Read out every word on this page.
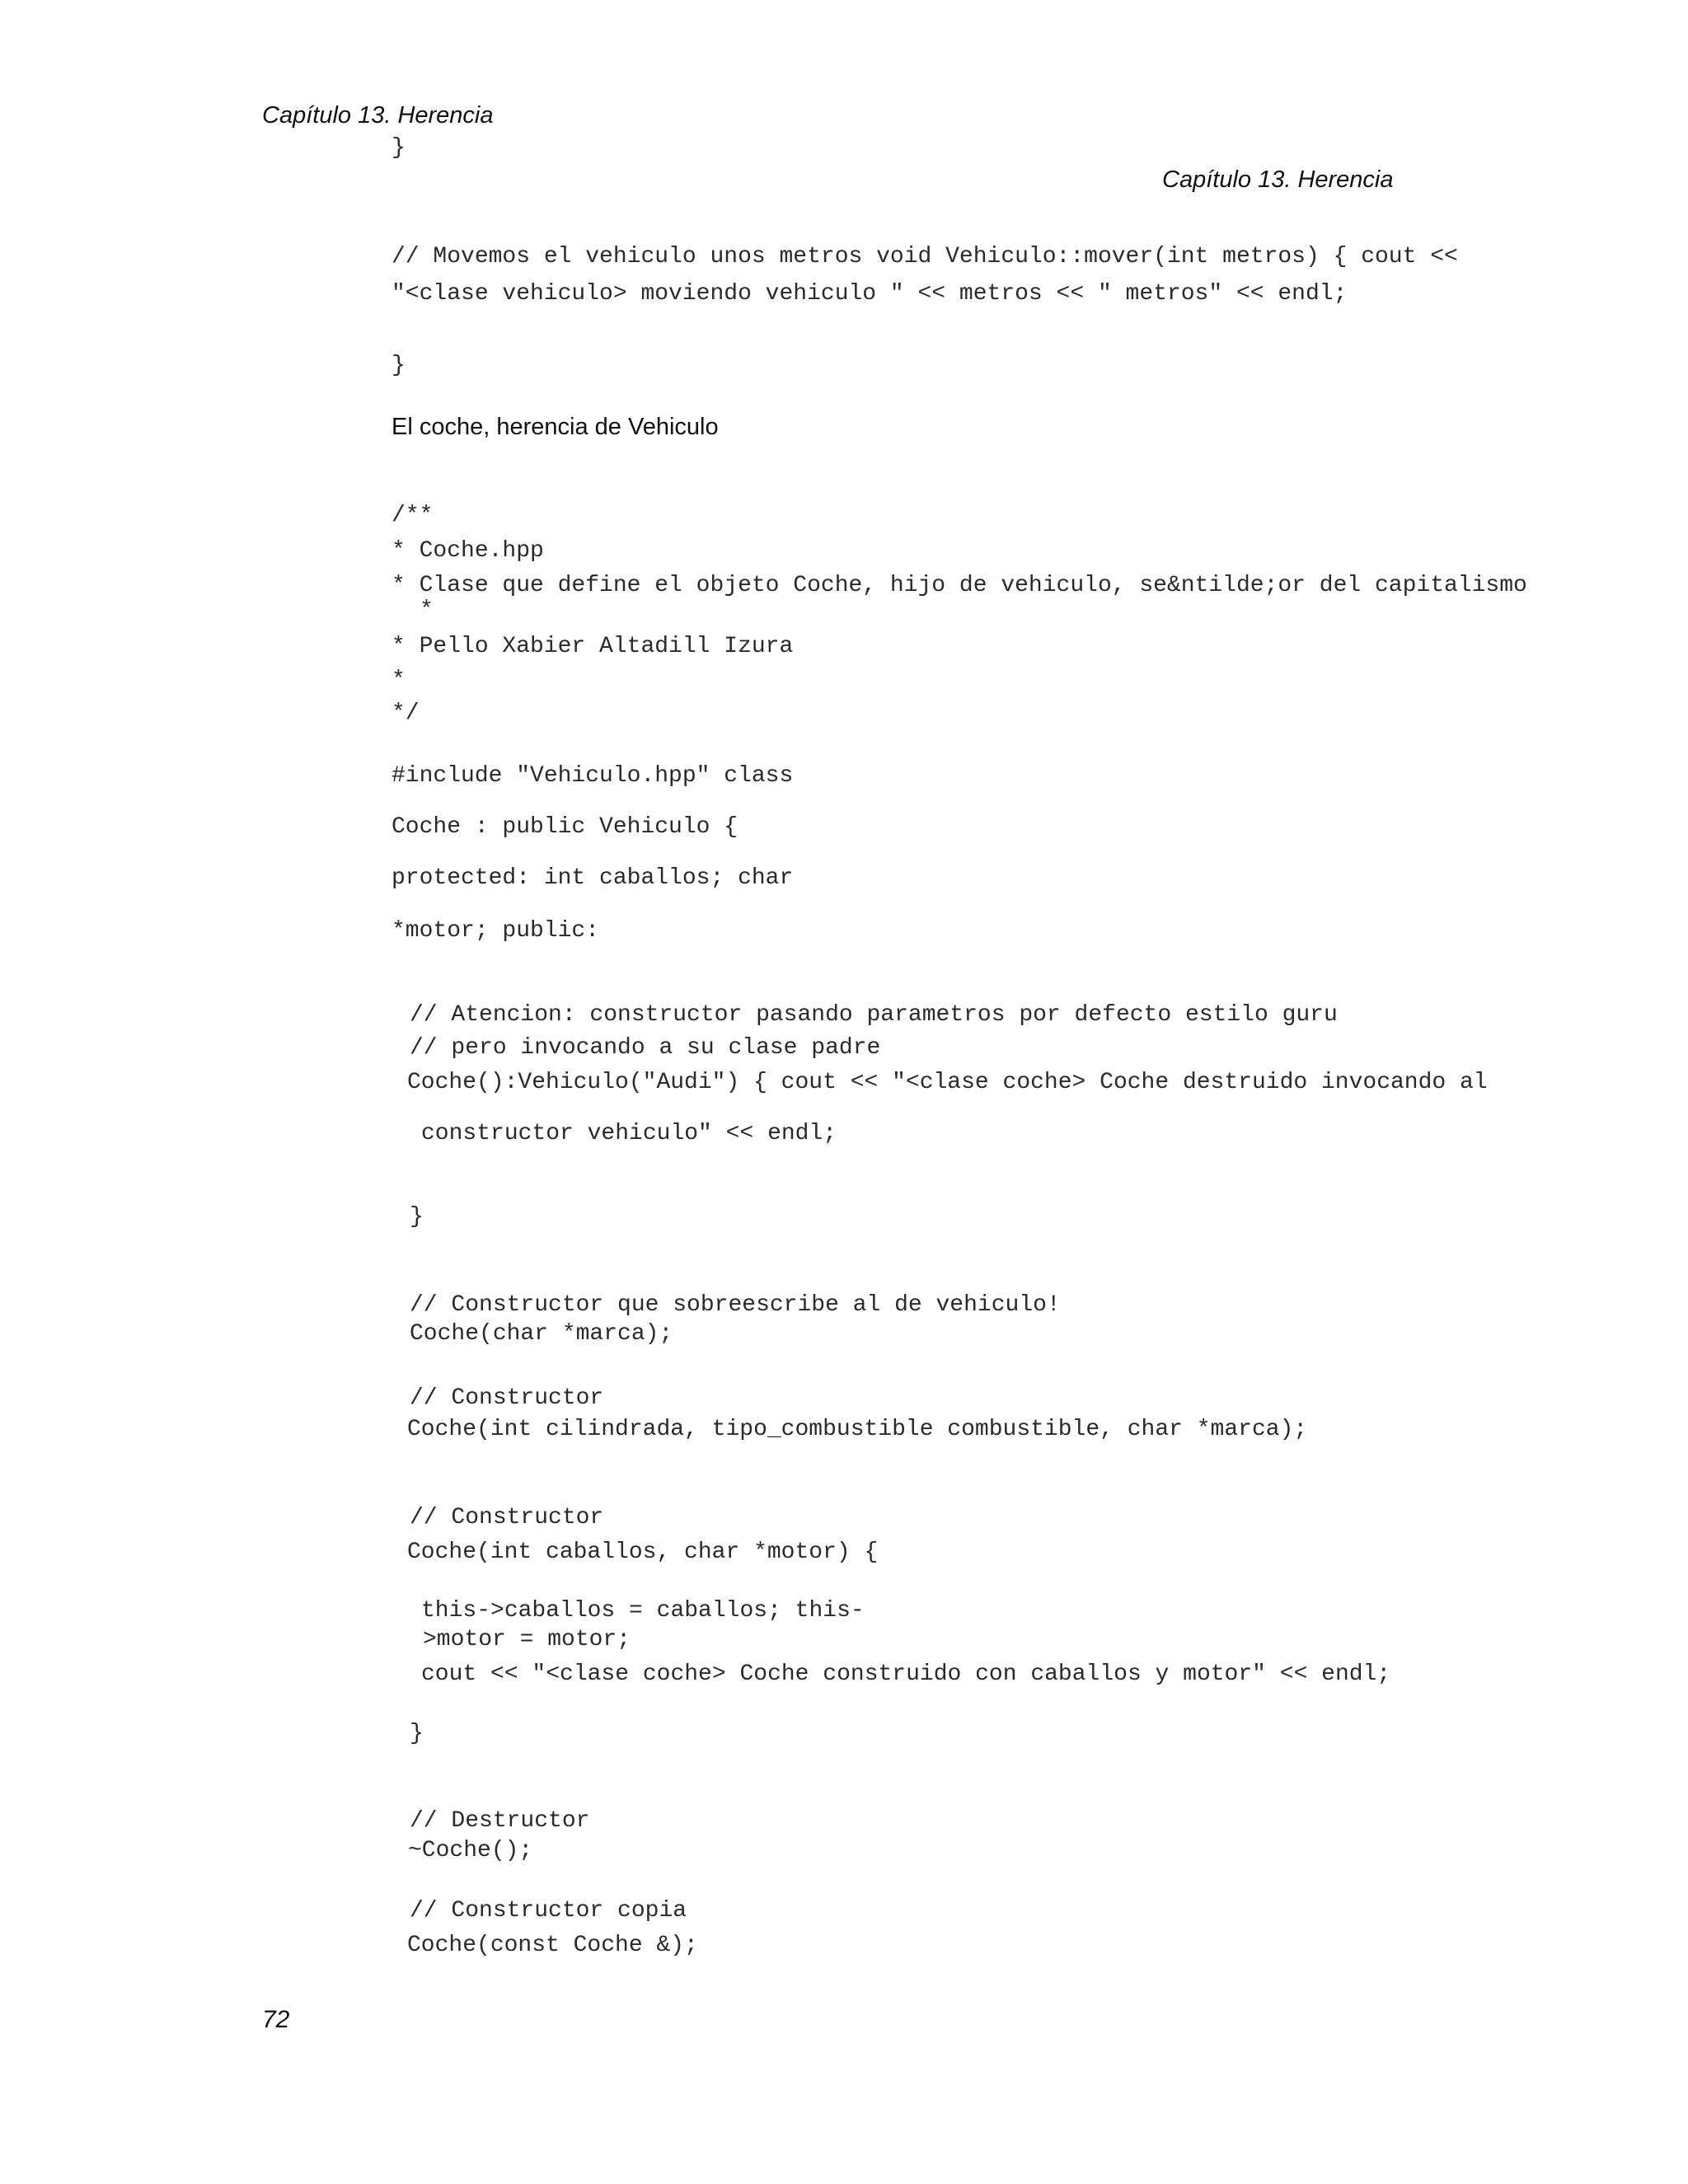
Capítulo 13. Herencia
}
Capítulo 13. Herencia
// Movemos el vehiculo unos metros void Vehiculo::mover(int metros) { cout <<
"<clase vehiculo> moviendo vehiculo " << metros << " metros" << endl;
}
El coche, herencia de Vehiculo
/**
* Coche.hpp
* Clase que define el objeto Coche, hijo de vehiculo, se&ntilde;or del capitalismo
*
* Pello Xabier Altadill Izura
*
*/
#include "Vehiculo.hpp" class
Coche : public Vehiculo {
protected: int caballos; char
*motor; public:
// Atencion: constructor pasando parametros por defecto estilo guru
// pero invocando a su clase padre
Coche():Vehiculo("Audi") { cout << "<clase coche> Coche destruido invocando al
constructor vehiculo" << endl;
}
// Constructor que sobreescribe al de vehiculo!
Coche(char *marca);
// Constructor
Coche(int cilindrada, tipo_combustible combustible, char *marca);
// Constructor
Coche(int caballos, char *motor) {
this->caballos = caballos; this-
>motor = motor;
cout << "<clase coche> Coche construido con caballos y motor" << endl;
}
// Destructor
~Coche();
// Constructor copia
Coche(const Coche &);
72
